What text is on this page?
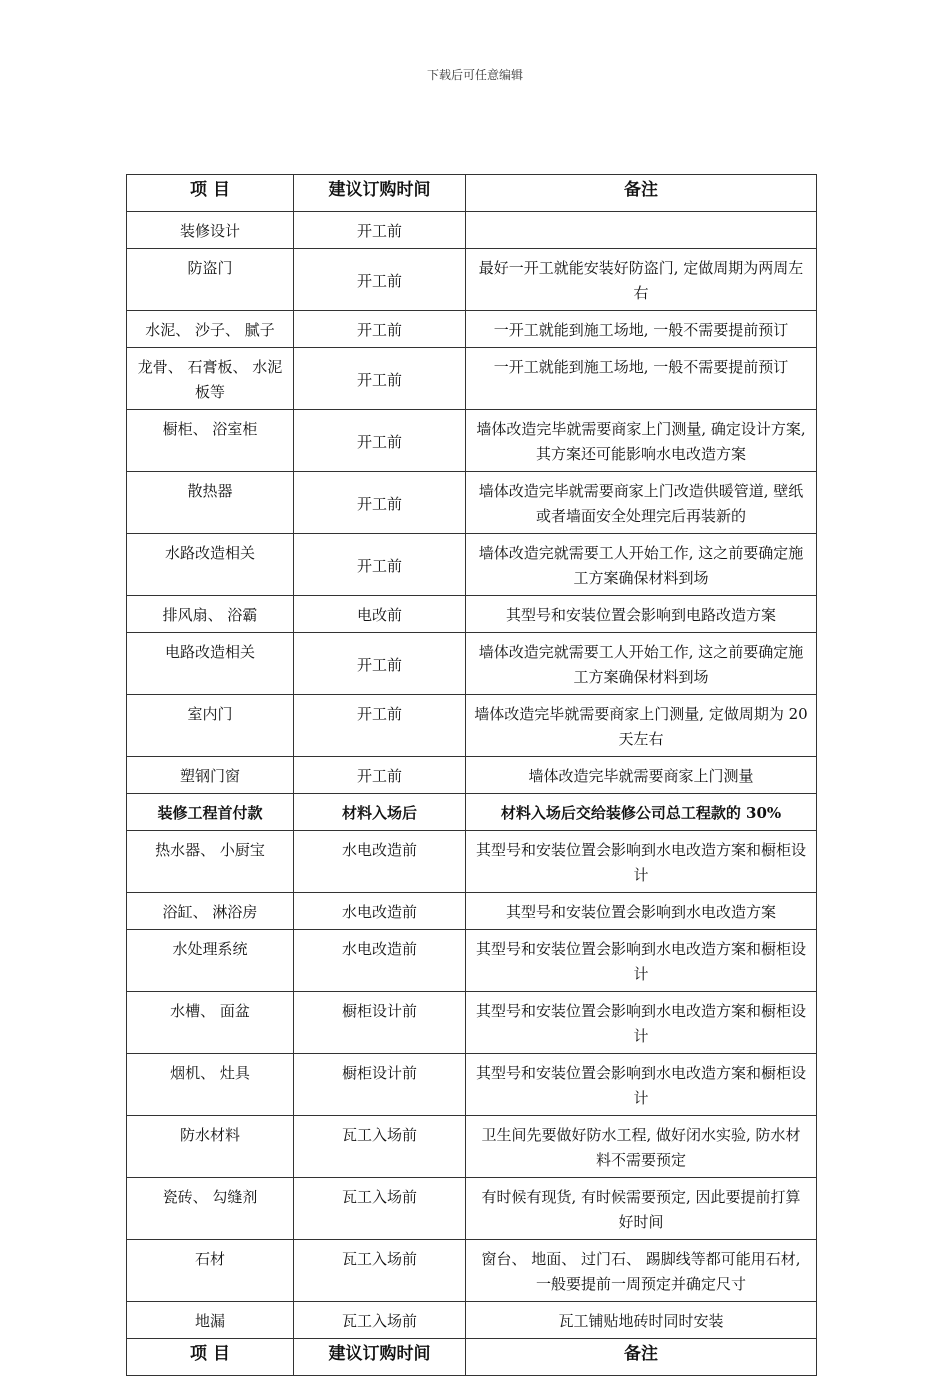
下载后可任意编辑
项 目	建议订购时间	备注
装修设计	开工前	
防盗门	开工前	最好一开工就能安装好防盗门, 定做周期为两周左右
水泥、 沙子、 腻子	开工前	一开工就能到施工场地, 一般不需要提前预订
龙骨、 石膏板、 水泥板等	开工前	一开工就能到施工场地, 一般不需要提前预订
橱柜、 浴室柜	开工前	墙体改造完毕就需要商家上门测量, 确定设计方案, 其方案还可能影响水电改造方案
散热器	开工前	墙体改造完毕就需要商家上门改造供暖管道, 壁纸或者墙面安全处理完后再装新的
水路改造相关	开工前	墙体改造完就需要工人开始工作, 这之前要确定施工方案确保材料到场
排风扇、 浴霸	电改前	其型号和安装位置会影响到电路改造方案
电路改造相关	开工前	墙体改造完就需要工人开始工作, 这之前要确定施工方案确保材料到场
室内门	开工前	墙体改造完毕就需要商家上门测量, 定做周期为 20 天左右
塑钢门窗	开工前	墙体改造完毕就需要商家上门测量
装修工程首付款	材料入场后	材料入场后交给装修公司总工程款的 30%
热水器、 小厨宝	水电改造前	其型号和安装位置会影响到水电改造方案和橱柜设计
浴缸、 淋浴房	水电改造前	其型号和安装位置会影响到水电改造方案
水处理系统	水电改造前	其型号和安装位置会影响到水电改造方案和橱柜设计
水槽、 面盆	橱柜设计前	其型号和安装位置会影响到水电改造方案和橱柜设计
烟机、 灶具	橱柜设计前	其型号和安装位置会影响到水电改造方案和橱柜设计
防水材料	瓦工入场前	卫生间先要做好防水工程, 做好闭水实验, 防水材料不需要预定
瓷砖、 勾缝剂	瓦工入场前	有时候有现货, 有时候需要预定, 因此要提前打算好时间
石材	瓦工入场前	窗台、 地面、 过门石、 踢脚线等都可能用石材, 一般要提前一周预定并确定尺寸
地漏	瓦工入场前	瓦工铺贴地砖时同时安装
项 目	建议订购时间	备注
